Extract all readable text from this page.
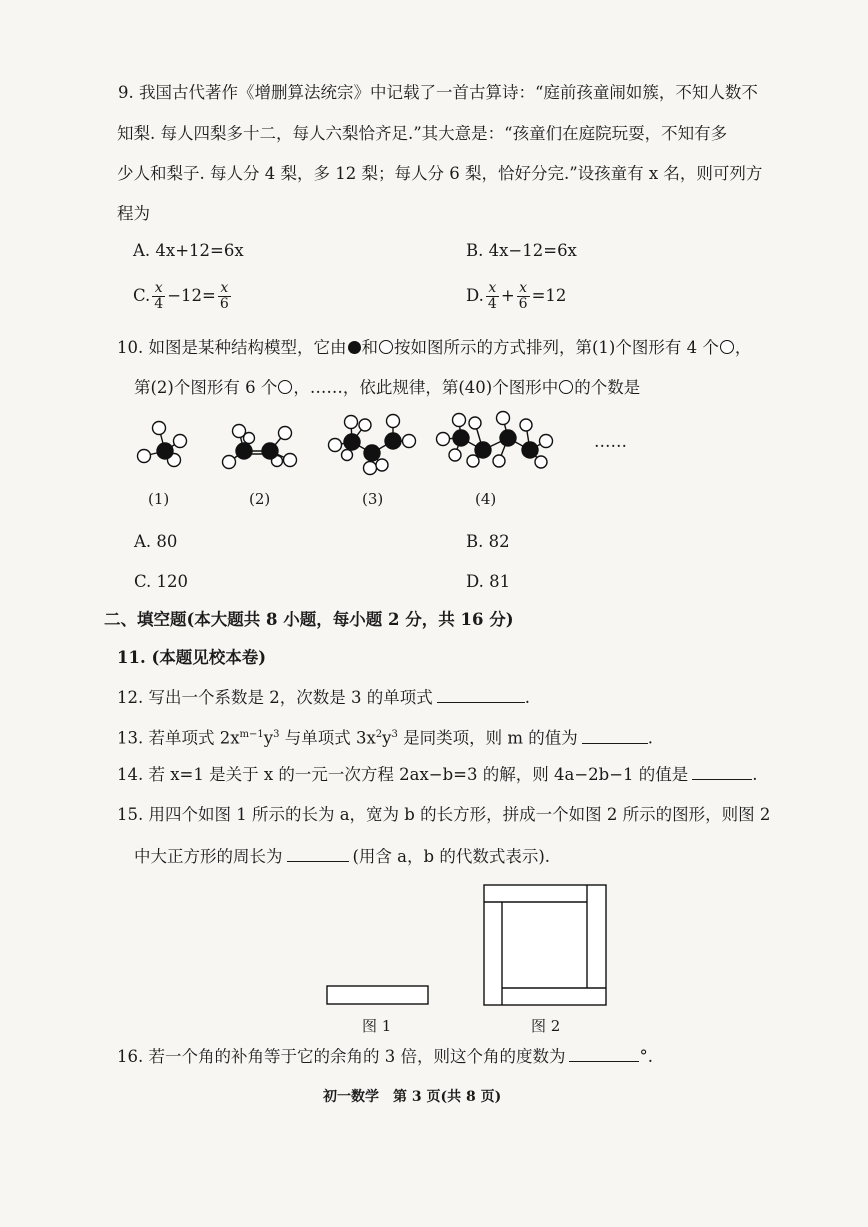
9. 我国古代著作《增删算法统宗》中记载了一首古算诗：“庭前孩童闹如簇，不知人数不
知梨. 每人四梨多十二，每人六梨恰齐足.”其大意是：“孩童们在庭院玩耍，不知有多
少人和梨子. 每人分 4 梨，多 12 梨；每人分 6 梨，恰好分完.”设孩童有 x 名，则可列方
程为
A. 4x+12=6x	B. 4x−12=6x
C. $\frac{x}{4} -12= \frac{x}{6}$	D. $\frac{x}{4} + \frac{x}{6} =12$
10. 如图是某种结构模型，它由 和 按如图所示的方式排列，第(1)个图形有 4 个 ，
第(2)个图形有 6 个 ，……，依此规律，第(40)个图形中 的个数是
……
(1)	(2)	(3)	(4)
A. 80	B. 82
C. 120	D. 81
二、填空题(本大题共 8 小题，每小题 2 分，共 16 分)
11. (本题见校本卷)
12. 写出一个系数是 2，次数是 3 的单项式	.
13. 若单项式 $2x^{m-1}y^3$ 与单项式 $3x^2y^3$ 是同类项，则 m 的值为	.
14. 若 x=1 是关于 x 的一元一次方程 2ax−b=3 的解，则 4a−2b−1 的值是	.
15. 用四个如图 1 所示的长为 a，宽为 b 的长方形，拼成一个如图 2 所示的图形，则图 2
中大正方形的周长为	(用含 a，b 的代数式表示).
图 1	图 2
16. 若一个角的补角等于它的余角的 3 倍，则这个角的度数为	°.
初一数学　第 3 页(共 8 页)
